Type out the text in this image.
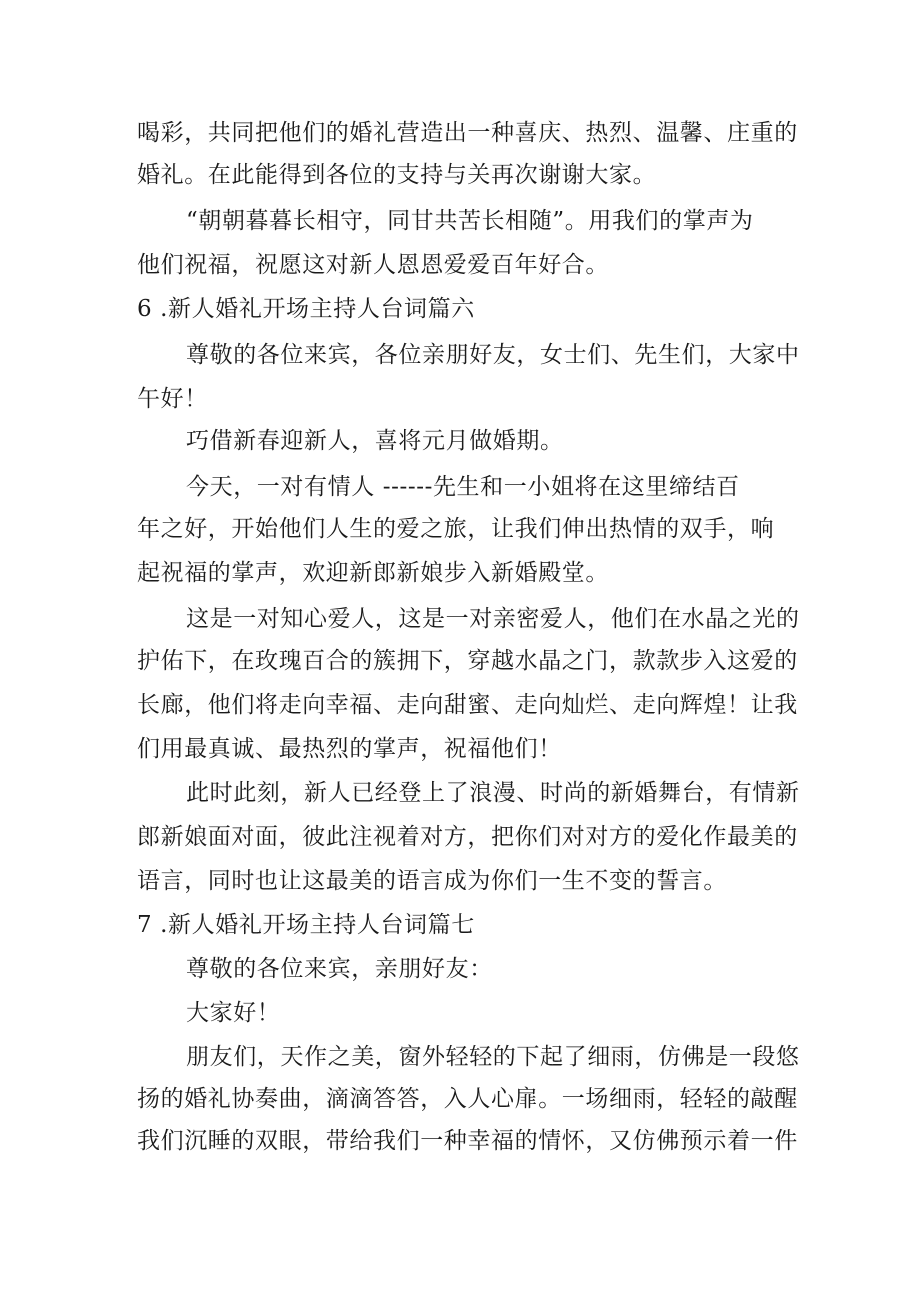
喝彩，共同把他们的婚礼营造出一种喜庆、热烈、温馨、庄重的
婚礼。在此能得到各位的支持与关再次谢谢大家。
“朝朝暮暮长相守，同甘共苦长相随”。用我们的掌声为
他们祝福，祝愿这对新人恩恩爱爱百年好合。
6 .新人婚礼开场主持人台词篇六
尊敬的各位来宾，各位亲朋好友，女士们、先生们，大家中
午好！
巧借新春迎新人，喜将元月做婚期。
今天，一对有情人 ------先生和一小姐将在这里缔结百
年之好，开始他们人生的爱之旅，让我们伸出热情的双手，响
起祝福的掌声，欢迎新郎新娘步入新婚殿堂。
这是一对知心爱人，这是一对亲密爱人，他们在水晶之光的
护佑下，在玫瑰百合的簇拥下，穿越水晶之门，款款步入这爱的
长廊，他们将走向幸福、走向甜蜜、走向灿烂、走向辉煌！让我
们用最真诚、最热烈的掌声，祝福他们！
此时此刻，新人已经登上了浪漫、时尚的新婚舞台，有情新
郎新娘面对面，彼此注视着对方，把你们对对方的爱化作最美的
语言，同时也让这最美的语言成为你们一生不变的誓言。
7 .新人婚礼开场主持人台词篇七
尊敬的各位来宾，亲朋好友：
大家好！
朋友们，天作之美，窗外轻轻的下起了细雨，仿佛是一段悠
扬的婚礼协奏曲，滴滴答答，入人心扉。一场细雨，轻轻的敲醒
我们沉睡的双眼，带给我们一种幸福的情怀，又仿佛预示着一件
